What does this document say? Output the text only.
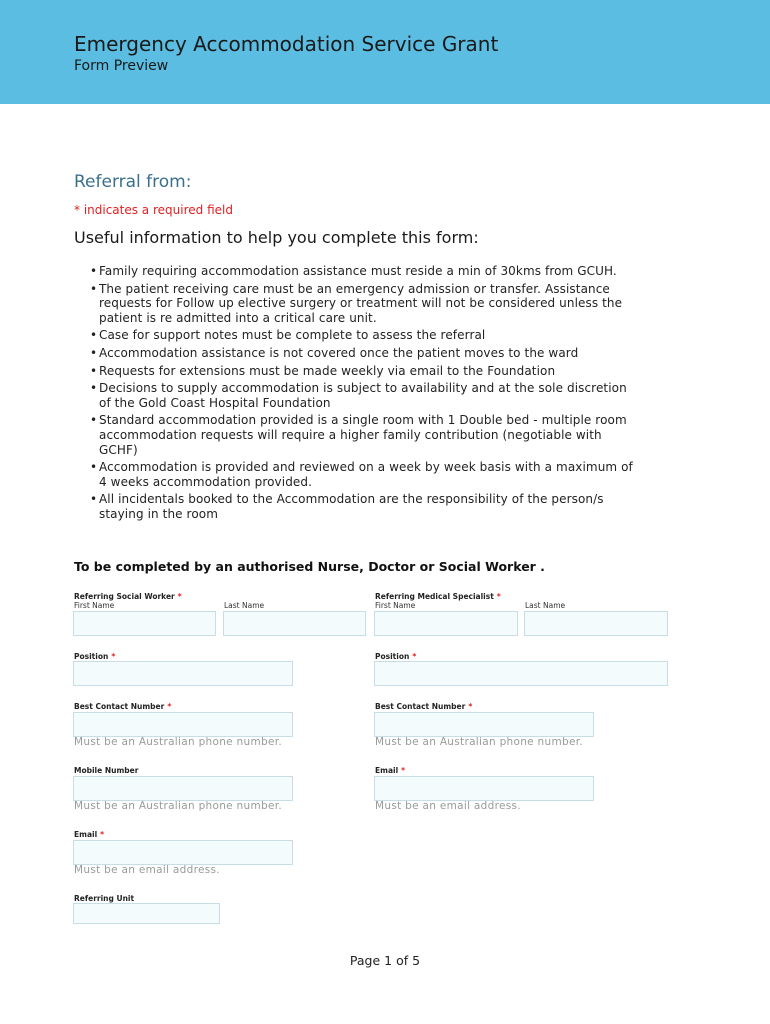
Emergency Accommodation Service Grant
Form Preview
Referral from:
* indicates a required field
Useful information to help you complete this form:
• Family requiring accommodation assistance must reside a min of 30kms from GCUH.
• The patient receiving care must be an emergency admission or transfer. Assistance
requests for Follow up elective surgery or treatment will not be considered unless the
patient is re admitted into a critical care unit.
• Case for support notes must be complete to assess the referral
• Accommodation assistance is not covered once the patient moves to the ward
• Requests for extensions must be made weekly via email to the Foundation
• Decisions to supply accommodation is subject to availability and at the sole discretion
of the Gold Coast Hospital Foundation
• Standard accommodation provided is a single room with 1 Double bed - multiple room
accommodation requests will require a higher family contribution (negotiable with
GCHF)
• Accommodation is provided and reviewed on a week by week basis with a maximum of
4 weeks accommodation provided.
• All incidentals booked to the Accommodation are the responsibility of the person/s
staying in the room
To be completed by an authorised Nurse, Doctor or Social Worker .
Referring Social Worker *
First Name	Last Name
Referring Medical Specialist *
First Name	Last Name
Position *	Position *
Best Contact Number *
Must be an Australian phone number.
Best Contact Number *
Must be an Australian phone number.
Mobile Number
Must be an Australian phone number.
Email *
Must be an email address.
Email *
Must be an email address.
Referring Unit
Page 1 of 5
